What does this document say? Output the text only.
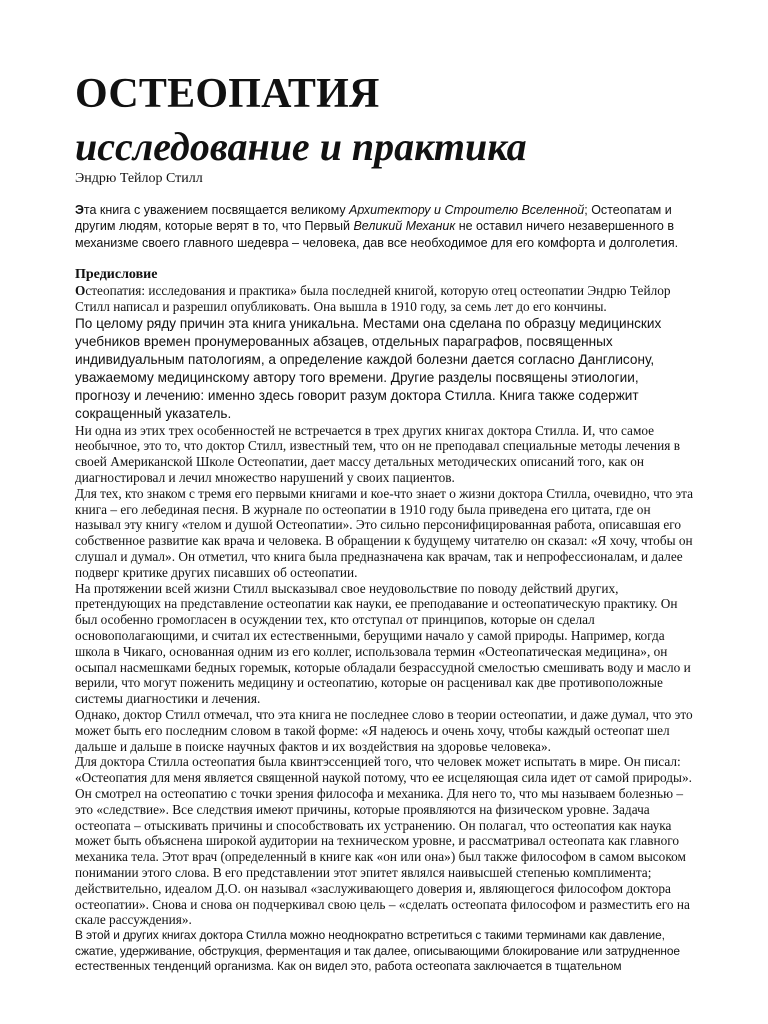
ОСТЕОПАТИЯ
исследование и практика
Эндрю Тейлор Стилл

Эта книга с уважением посвящается великому Архитектору и Строителю Вселенной; Остеопатам и другим людям, которые верят в то, что Первый Великий Механик не оставил ничего незавершенного в механизме своего главного шедевра – человека, дав все необходимое для его комфорта и долголетия.

Предисловие

Остеопатия: исследования и практика» была последней книгой, которую отец остеопатии Эндрю Тейлор Стилл написал и разрешил опубликовать. Она вышла в 1910 году, за семь лет до его кончины.

По целому ряду причин эта книга уникальна. Местами она сделана по образцу медицинских учебников времен пронумерованных абзацев, отдельных параграфов, посвященных индивидуальным патологиям, а определение каждой болезни дается согласно Данглисону, уважаемому медицинскому автору того времени. Другие разделы посвящены этиологии, прогнозу и лечению: именно здесь говорит разум доктора Стилла. Книга также содержит сокращенный указатель.

Ни одна из этих трех особенностей не встречается в трех других книгах доктора Стилла. И, что самое необычное, это то, что доктор Стилл, известный тем, что он не преподавал специальные методы лечения в своей Американской Школе Остеопатии, дает массу детальных методических описаний того, как он диагностировал и лечил множество нарушений у своих пациентов.

Для тех, кто знаком с тремя его первыми книгами и кое-что знает о жизни доктора Стилла, очевидно, что эта книга – его лебединая песня. В журнале по остеопатии в 1910 году была приведена его цитата, где он называл эту книгу «телом и душой Остеопатии». Это сильно персонифицированная работа, описавшая его собственное развитие как врача и человека. В обращении к будущему читателю он сказал: «Я хочу, чтобы он слушал и думал». Он отметил, что книга была предназначена как врачам, так и непрофессионалам, и далее подверг критике других писавших об остеопатии.

На протяжении всей жизни Стилл высказывал свое неудовольствие по поводу действий других, претендующих на представление остеопатии как науки, ее преподавание и остеопатическую практику. Он был особенно громогласен в осуждении тех, кто отступал от принципов, которые он сделал основополагающими, и считал их естественными, берущими начало у самой природы. Например, когда школа в Чикаго, основанная одним из его коллег, использовала термин «Остеопатическая медицина», он осыпал насмешками бедных горемык, которые обладали безрассудной смелостью смешивать воду и масло и верили, что могут поженить медицину и остеопатию, которые он расценивал как две противоположные системы диагностики и лечения.

Однако, доктор Стилл отмечал, что эта книга не последнее слово в теории остеопатии, и даже думал, что это может быть его последним словом в такой форме: «Я надеюсь и очень хочу, чтобы каждый остеопат шел дальше и дальше в поиске научных фактов и их воздействия на здоровье человека».

Для доктора Стилла остеопатия была квинтэссенцией того, что человек может испытать в мире. Он писал: «Остеопатия для меня является священной наукой потому, что ее исцеляющая сила идет от самой природы». Он смотрел на остеопатию с точки зрения философа и механика. Для него то, что мы называем болезнью – это «следствие». Все следствия имеют причины, которые проявляются на физическом уровне. Задача остеопата – отыскивать причины и способствовать их устранению. Он полагал, что остеопатия как наука может быть объяснена широкой аудитории на техническом уровне, и рассматривал остеопата как главного механика тела. Этот врач (определенный в книге как «он или она») был также философом в самом высоком понимании этого слова. В его представлении этот эпитет являлся наивысшей степенью комплимента; действительно, идеалом Д.О. он называл «заслуживающего доверия и, являющегося философом доктора остеопатии». Снова и снова он подчеркивал свою цель – «сделать остеопата философом и разместить его на скале рассуждения».

В этой и других книгах доктора Стилла можно неоднократно встретиться с такими терминами как давление, сжатие, удерживание, обструкция, ферментация и так далее, описывающими блокирование или затрудненное естественных тенденций организма. Как он видел это, работа остеопата заключается в тщательном
